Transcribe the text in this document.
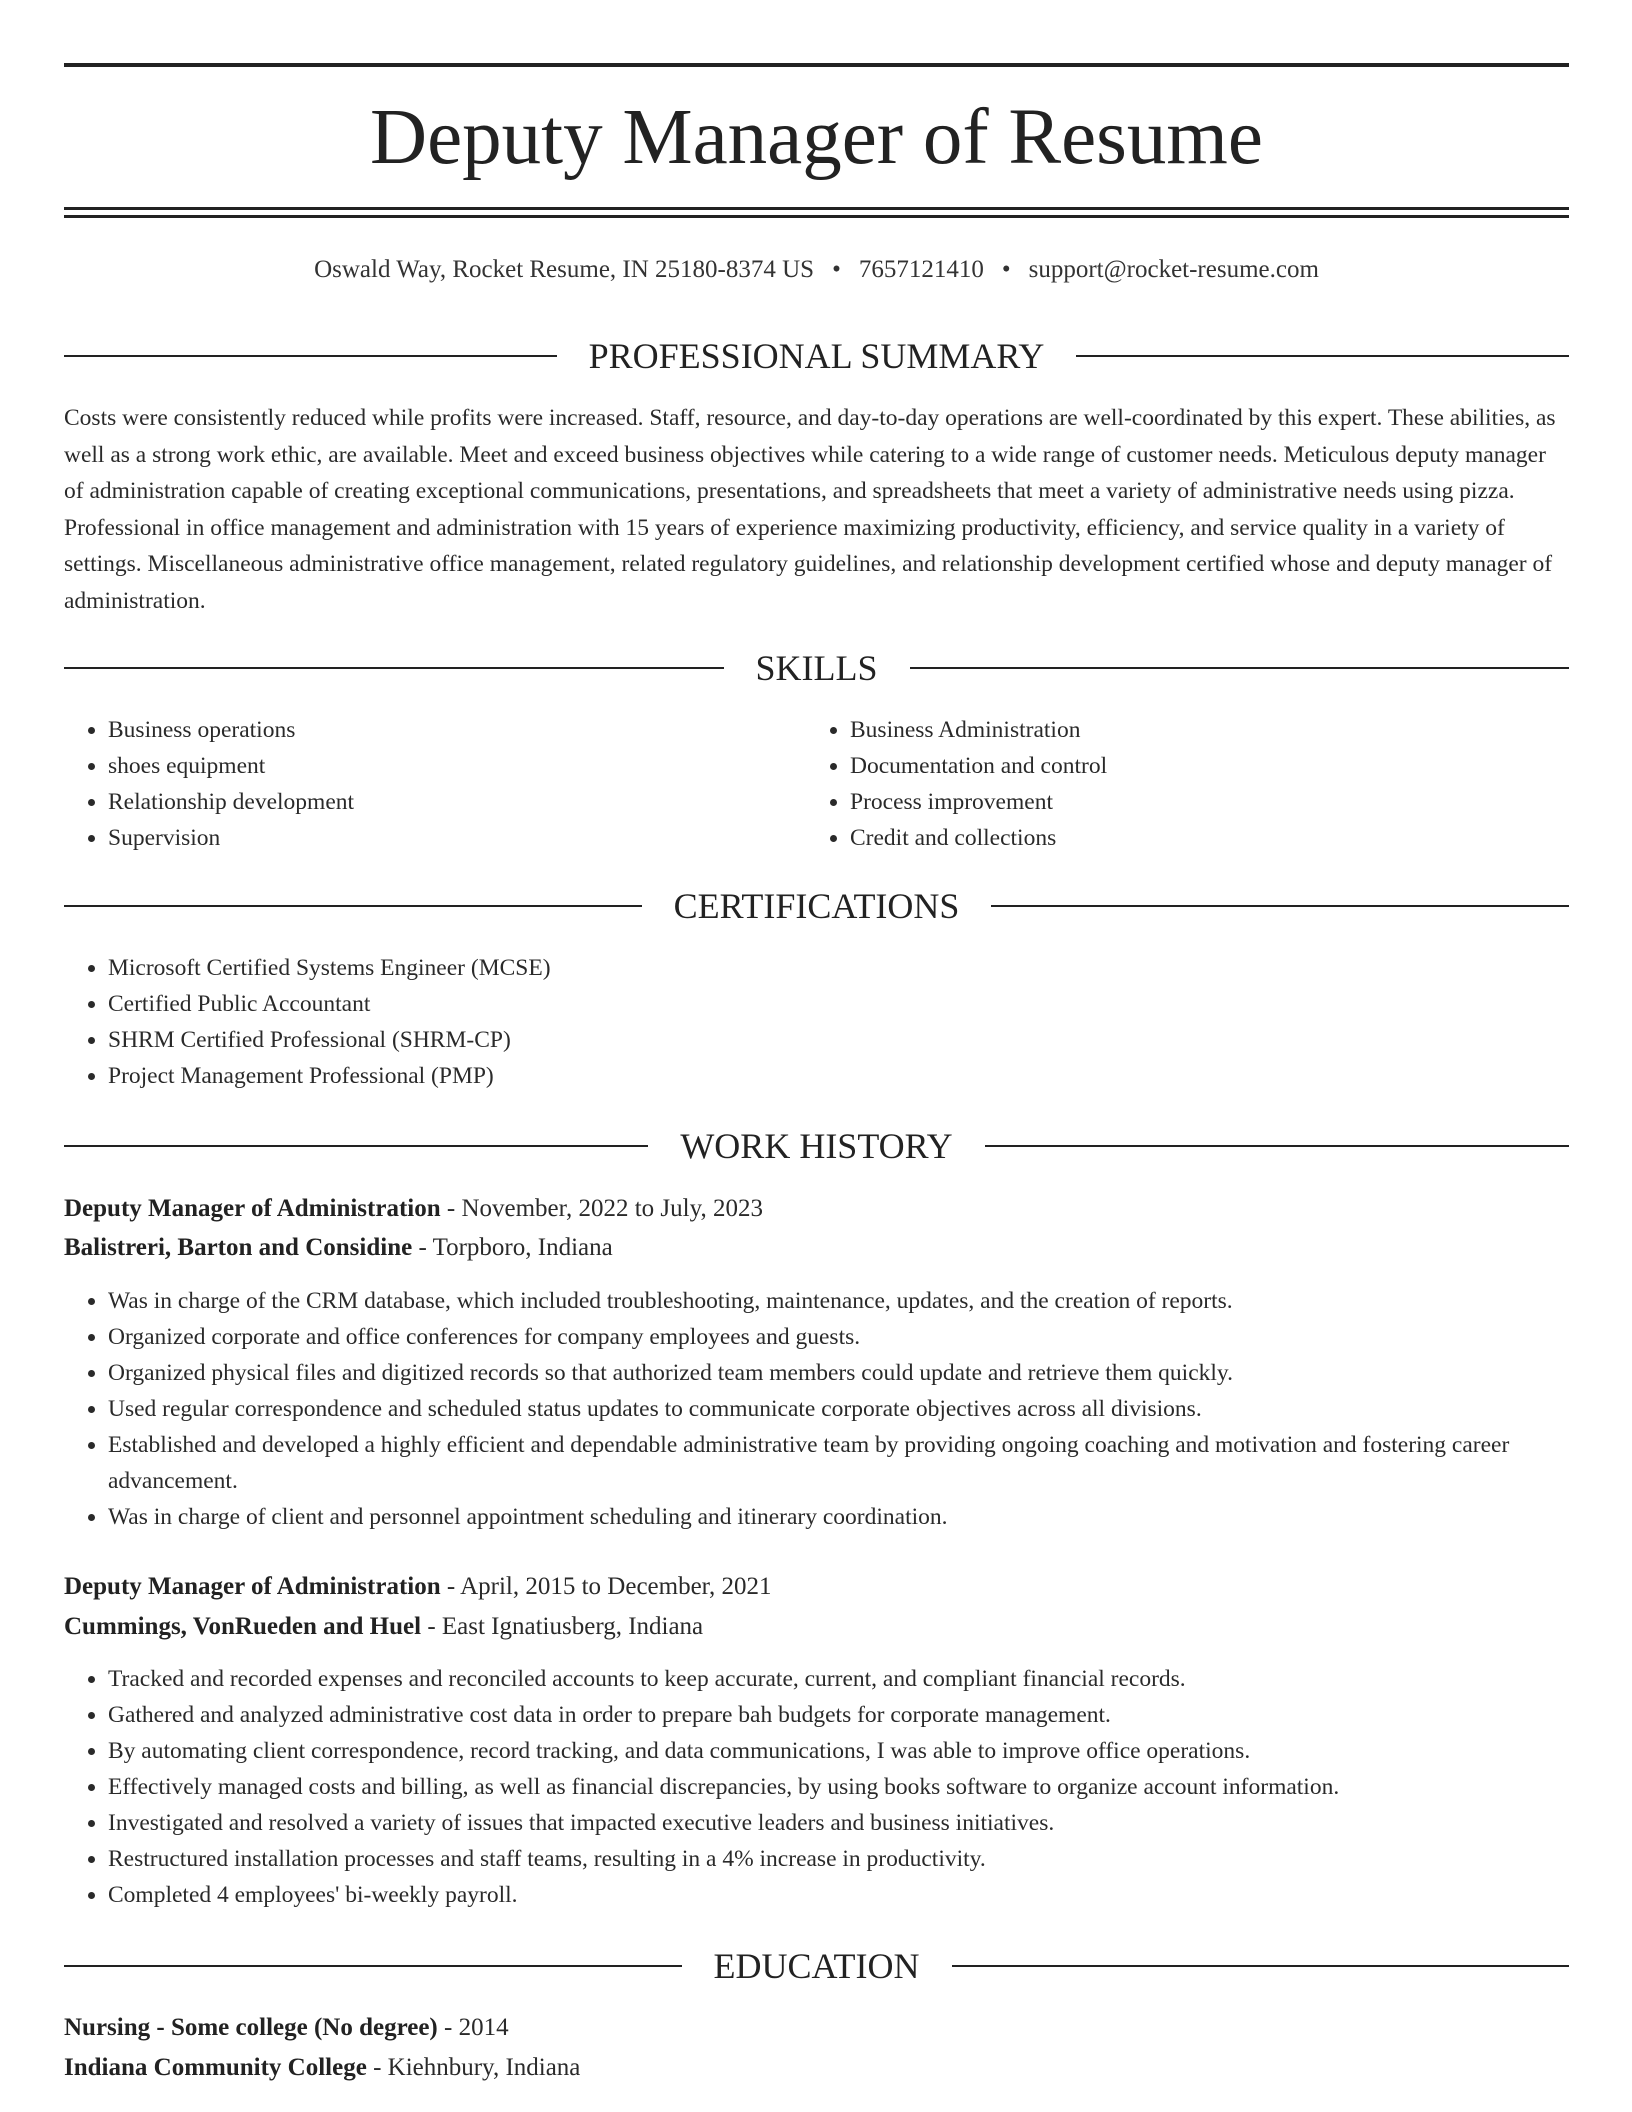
Deputy Manager of Resume
Oswald Way, Rocket Resume, IN 25180-8374 US • 7657121410 • support@rocket-resume.com
PROFESSIONAL SUMMARY

Costs were consistently reduced while profits were increased. Staff, resource, and day-to-day operations are well-coordinated by this expert. These abilities, as well as a strong work ethic, are available. Meet and exceed business objectives while catering to a wide range of customer needs. Meticulous deputy manager of administration capable of creating exceptional communications, presentations, and spreadsheets that meet a variety of administrative needs using pizza. Professional in office management and administration with 15 years of experience maximizing productivity, efficiency, and service quality in a variety of settings. Miscellaneous administrative office management, related regulatory guidelines, and relationship development certified whose and deputy manager of administration.

SKILLS
• Business operations
• shoes equipment
• Relationship development
• Supervision
• Business Administration
• Documentation and control
• Process improvement
• Credit and collections
CERTIFICATIONS
• Microsoft Certified Systems Engineer (MCSE)
• Certified Public Accountant
• SHRM Certified Professional (SHRM-CP)
• Project Management Professional (PMP)
WORK HISTORY
Deputy Manager of Administration - November, 2022 to July, 2023
Balistreri, Barton and Considine - Torpboro, Indiana
• Was in charge of the CRM database, which included troubleshooting, maintenance, updates, and the creation of reports.
• Organized corporate and office conferences for company employees and guests.
• Organized physical files and digitized records so that authorized team members could update and retrieve them quickly.
• Used regular correspondence and scheduled status updates to communicate corporate objectives across all divisions.
• Established and developed a highly efficient and dependable administrative team by providing ongoing coaching and motivation and fostering career advancement.
• Was in charge of client and personnel appointment scheduling and itinerary coordination.
Deputy Manager of Administration - April, 2015 to December, 2021
Cummings, VonRueden and Huel - East Ignatiusberg, Indiana
• Tracked and recorded expenses and reconciled accounts to keep accurate, current, and compliant financial records.
• Gathered and analyzed administrative cost data in order to prepare bah budgets for corporate management.
• By automating client correspondence, record tracking, and data communications, I was able to improve office operations.
• Effectively managed costs and billing, as well as financial discrepancies, by using books software to organize account information.
• Investigated and resolved a variety of issues that impacted executive leaders and business initiatives.
• Restructured installation processes and staff teams, resulting in a 4% increase in productivity.
• Completed 4 employees' bi-weekly payroll.
EDUCATION
Nursing - Some college (No degree) - 2014
Indiana Community College - Kiehnbury, Indiana
